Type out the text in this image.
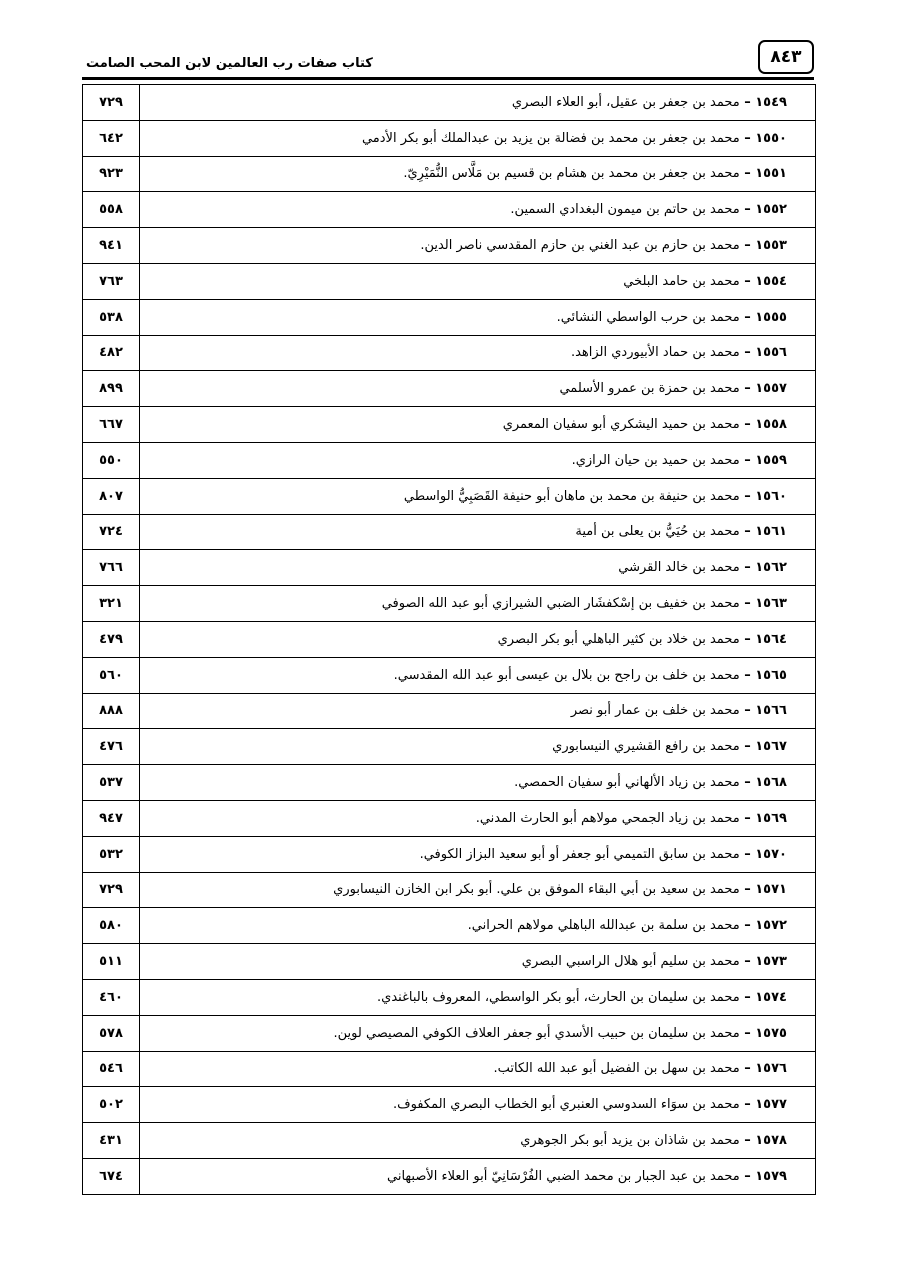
كتاب صفات رب العالمين لابن المحب الصامت	٨٤٣
٧٢٩	١٥٤٩ – محمد بن جعفر بن عقيل، أبو العلاء البصري
٦٤٢	١٥٥٠ – محمد بن جعفر بن محمد بن فضالة بن يزيد بن عبدالملك أبو بكر الأدمي
٩٢٣	١٥٥١ – محمد بن جعفر بن محمد بن هشام بن قسيم بن مَلَّاس النُّمَيْرِيّ.
٥٥٨	١٥٥٢ – محمد بن حاتم بن ميمون البغدادي السمين.
٩٤١	١٥٥٣ – محمد بن حازم بن عبد الغني بن حازم المقدسي ناصر الدين.
٧٦٣	١٥٥٤ – محمد بن حامد البلخي
٥٣٨	١٥٥٥ – محمد بن حرب الواسطي النشائي.
٤٨٢	١٥٥٦ – محمد بن حماد الأبيوردي الزاهد.
٨٩٩	١٥٥٧ – محمد بن حمزة بن عمرو الأسلمي
٦٦٧	١٥٥٨ – محمد بن حميد اليشكري أبو سفيان المعمري
٥٥٠	١٥٥٩ – محمد بن حميد بن حيان الرازي.
٨٠٧	١٥٦٠ – محمد بن حنيفة بن محمد بن ماهان أبو حنيفة القَصَبِيُّ الواسطي
٧٢٤	١٥٦١ – محمد بن حُيَيُّ بن يعلى بن أمية
٧٦٦	١٥٦٢ – محمد بن خالد القرشي
٣٢١	١٥٦٣ – محمد بن خفيف بن إسْكفشَار الضبي الشيرازي أبو عبد الله الصوفي
٤٧٩	١٥٦٤ – محمد بن خلاد بن كثير الباهلي أبو بكر البصري
٥٦٠	١٥٦٥ – محمد بن خلف بن راجح بن بلال بن عيسى أبو عبد الله المقدسي.
٨٨٨	١٥٦٦ – محمد بن خلف بن عمار أبو نصر
٤٧٦	١٥٦٧ – محمد بن رافع القشيري النيسابوري
٥٣٧	١٥٦٨ – محمد بن زياد الألهاني أبو سفيان الحمصي.
٩٤٧	١٥٦٩ – محمد بن زياد الجمحي مولاهم أبو الحارث المدني.
٥٣٢	١٥٧٠ – محمد بن سابق التميمي أبو جعفر أو أبو سعيد البزاز الكوفي.
٧٢٩	١٥٧١ – محمد بن سعيد بن أبي البقاء الموفق بن علي. أبو بكر ابن الخازن النيسابوري
٥٨٠	١٥٧٢ – محمد بن سلمة بن عبدالله الباهلي مولاهم الحراني.
٥١١	١٥٧٣ – محمد بن سليم أبو هلال الراسبي البصري
٤٦٠	١٥٧٤ – محمد بن سليمان بن الحارث، أبو بكر الواسطي، المعروف بالباغندي.
٥٧٨	١٥٧٥ – محمد بن سليمان بن حبيب الأسدي أبو جعفر العلاف الكوفي المصيصي لوين.
٥٤٦	١٥٧٦ – محمد بن سهل بن الفضيل أبو عبد الله الكاتب.
٥٠٢	١٥٧٧ – محمد بن سوَاء السدوسي العنبري أبو الخطاب البصري المكفوف.
٤٣١	١٥٧٨ – محمد بن شاذان بن يزيد أبو بكر الجوهري
٦٧٤	١٥٧٩ – محمد بن عبد الجبار بن محمد الضبي الفُرْسَانِيّ أبو العلاء الأصبهاني
